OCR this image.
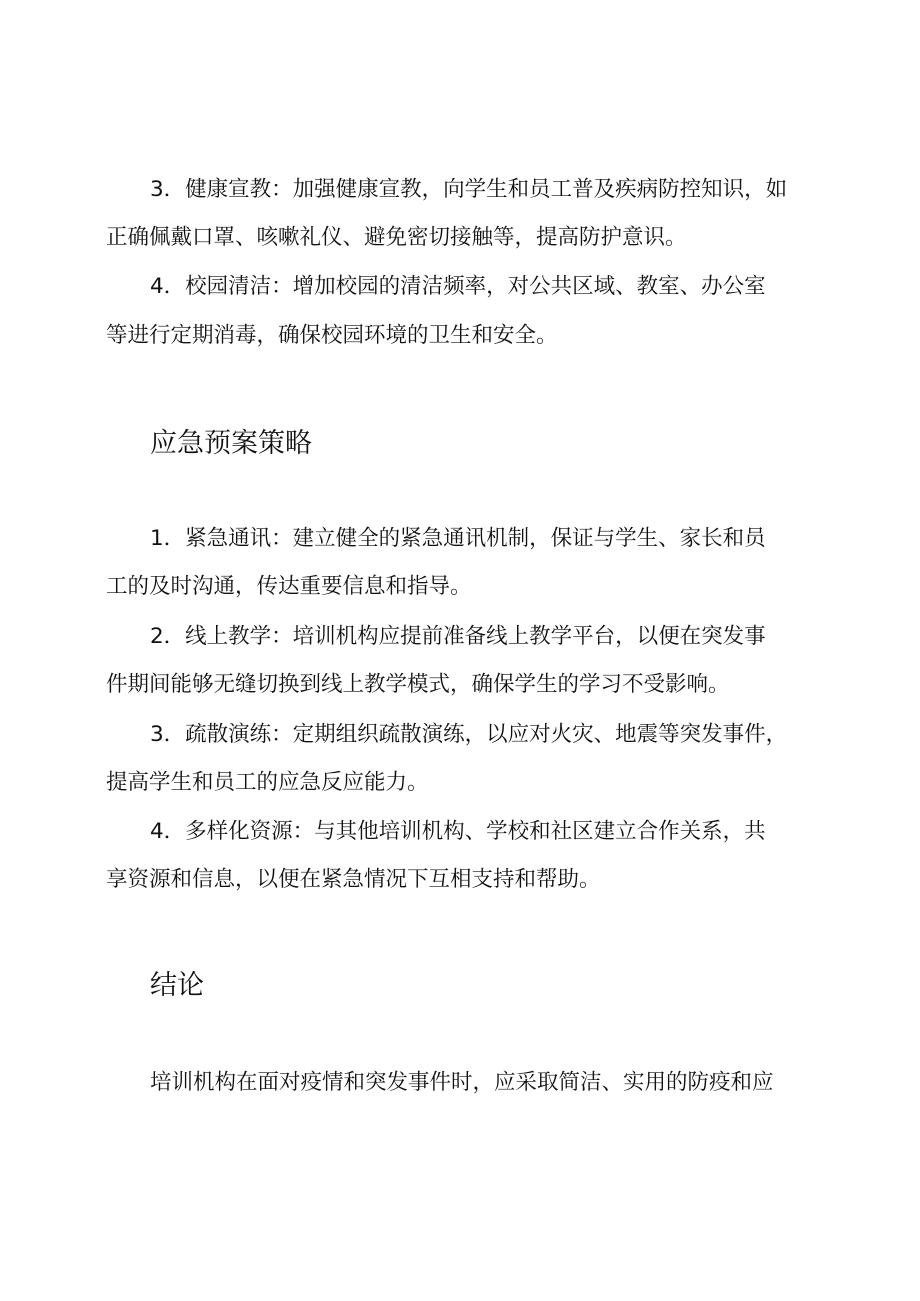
3．健康宣教：加强健康宣教，向学生和员工普及疾病防控知识，如
正确佩戴口罩、咳嗽礼仪、避免密切接触等，提高防护意识。
4．校园清洁：增加校园的清洁频率，对公共区域、教室、办公室
等进行定期消毒，确保校园环境的卫生和安全。
应急预案策略
1．紧急通讯：建立健全的紧急通讯机制，保证与学生、家长和员
工的及时沟通，传达重要信息和指导。
2．线上教学：培训机构应提前准备线上教学平台，以便在突发事
件期间能够无缝切换到线上教学模式，确保学生的学习不受影响。
3．疏散演练：定期组织疏散演练，以应对火灾、地震等突发事件，
提高学生和员工的应急反应能力。
4．多样化资源：与其他培训机构、学校和社区建立合作关系，共
享资源和信息，以便在紧急情况下互相支持和帮助。
结论
培训机构在面对疫情和突发事件时，应采取简洁、实用的防疫和应
